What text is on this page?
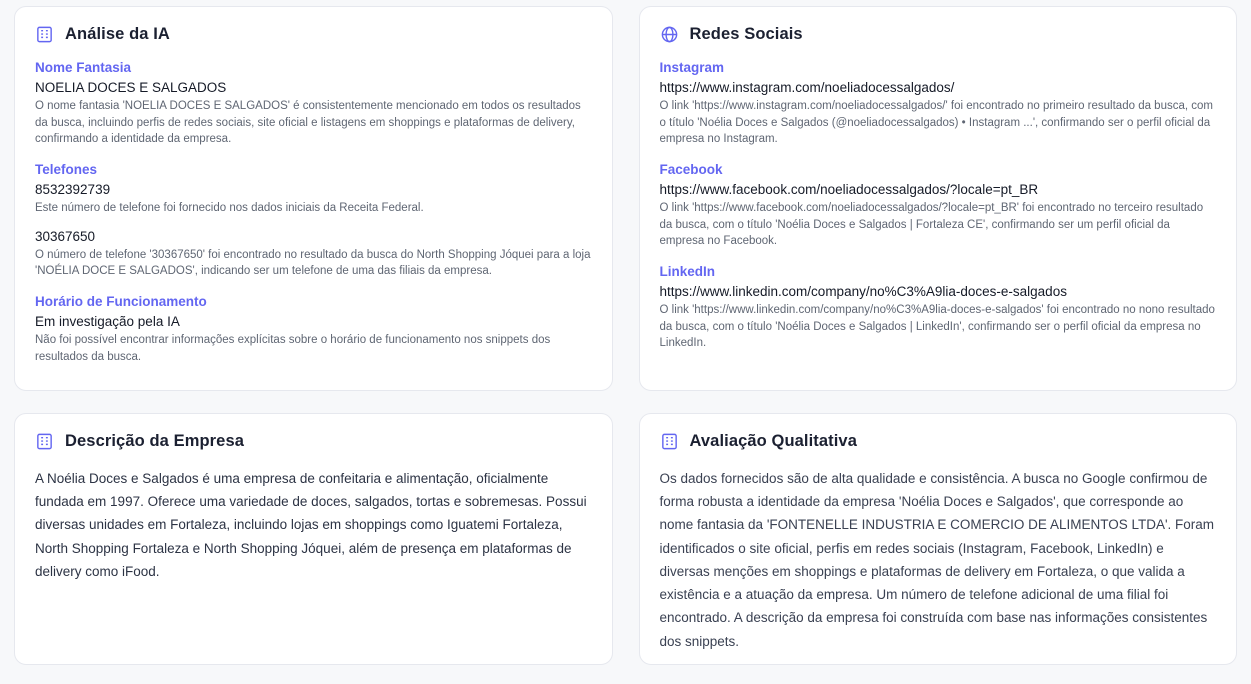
Análise da IA
Nome Fantasia
NOELIA DOCES E SALGADOS
O nome fantasia 'NOELIA DOCES E SALGADOS' é consistentemente mencionado em todos os resultados da busca, incluindo perfis de redes sociais, site oficial e listagens em shoppings e plataformas de delivery, confirmando a identidade da empresa.
Telefones
8532392739
Este número de telefone foi fornecido nos dados iniciais da Receita Federal.
30367650
O número de telefone '30367650' foi encontrado no resultado da busca do North Shopping Jóquei para a loja 'NOÉLIA DOCE E SALGADOS', indicando ser um telefone de uma das filiais da empresa.
Horário de Funcionamento
Em investigação pela IA
Não foi possível encontrar informações explícitas sobre o horário de funcionamento nos snippets dos resultados da busca.
Redes Sociais
Instagram
https://www.instagram.com/noeliadocessalgados/
O link 'https://www.instagram.com/noeliadocessalgados/' foi encontrado no primeiro resultado da busca, com o título 'Noélia Doces e Salgados (@noeliadocessalgados) • Instagram ...', confirmando ser o perfil oficial da empresa no Instagram.
Facebook
https://www.facebook.com/noeliadocessalgados/?locale=pt_BR
O link 'https://www.facebook.com/noeliadocessalgados/?locale=pt_BR' foi encontrado no terceiro resultado da busca, com o título 'Noélia Doces e Salgados | Fortaleza CE', confirmando ser um perfil oficial da empresa no Facebook.
LinkedIn
https://www.linkedin.com/company/no%C3%A9lia-doces-e-salgados
O link 'https://www.linkedin.com/company/no%C3%A9lia-doces-e-salgados' foi encontrado no nono resultado da busca, com o título 'Noélia Doces e Salgados | LinkedIn', confirmando ser o perfil oficial da empresa no LinkedIn.
Descrição da Empresa

A Noélia Doces e Salgados é uma empresa de confeitaria e alimentação, oficialmente fundada em 1997. Oferece uma variedade de doces, salgados, tortas e sobremesas. Possui diversas unidades em Fortaleza, incluindo lojas em shoppings como Iguatemi Fortaleza, North Shopping Fortaleza e North Shopping Jóquei, além de presença em plataformas de delivery como iFood.

Avaliação Qualitativa

Os dados fornecidos são de alta qualidade e consistência. A busca no Google confirmou de forma robusta a identidade da empresa 'Noélia Doces e Salgados', que corresponde ao nome fantasia da 'FONTENELLE INDUSTRIA E COMERCIO DE ALIMENTOS LTDA'. Foram identificados o site oficial, perfis em redes sociais (Instagram, Facebook, LinkedIn) e diversas menções em shoppings e plataformas de delivery em Fortaleza, o que valida a existência e a atuação da empresa. Um número de telefone adicional de uma filial foi encontrado. A descrição da empresa foi construída com base nas informações consistentes dos snippets.
